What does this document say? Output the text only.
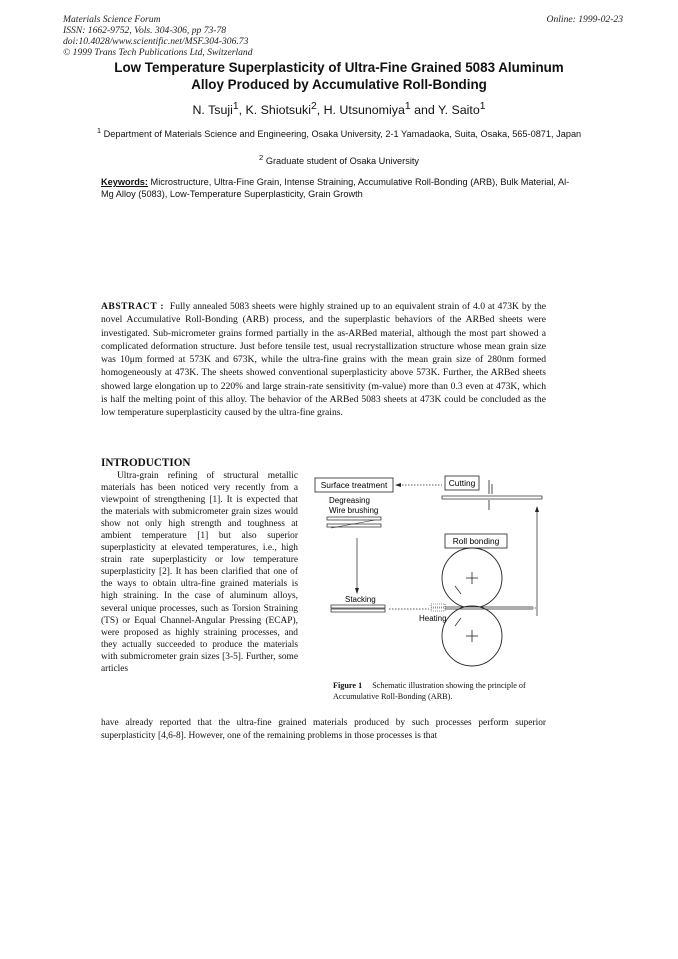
Materials Science Forum	Online: 1999-02-23
ISSN: 1662-9752, Vols. 304-306, pp 73-78
doi:10.4028/www.scientific.net/MSF.304-306.73
© 1999 Trans Tech Publications Ltd, Switzerland
Low Temperature Superplasticity of Ultra-Fine Grained 5083 Aluminum
Alloy Produced by Accumulative Roll-Bonding
N. Tsuji$^1$, K. Shiotsuki$^2$, H. Utsunomiya$^1$ and Y. Saito$^1$
$^1$ Department of Materials Science and Engineering, Osaka University, 2-1 Yamadaoka, Suita, Osaka, 565-0871, Japan
$^2$ Graduate student of Osaka University
Keywords: Microstructure, Ultra-Fine Grain, Intense Straining, Accumulative Roll-Bonding (ARB), Bulk Material, Al-Mg Alloy (5083), Low-Temperature Superplasticity, Grain Growth
ABSTRACT : Fully annealed 5083 sheets were highly strained up to an equivalent strain of 4.0 at 473K by the novel Accumulative Roll-Bonding (ARB) process, and the superplastic behaviors of the ARBed sheets were investigated. Sub-micrometer grains formed partially in the as-ARBed material, although the most part showed a complicated deformation structure. Just before tensile test, usual recrystallization structure whose mean grain size was 10μm formed at 573K and 673K, while the ultra-fine grains with the mean grain size of 280nm formed homogeneously at 473K. The sheets showed conventional superplasticity above 573K. Further, the ARBed sheets showed large elongation up to 220% and large strain-rate sensitivity (m-value) more than 0.3 even at 473K, which is half the melting point of this alloy. The behavior of the ARBed 5083 sheets at 473K could be concluded as the low temperature superplasticity caused by the ultra-fine grains.
INTRODUCTION
Ultra-grain refining of structural metallic materials has been noticed very recently from a viewpoint of strengthening [1]. It is expected that the materials with submicrometer grain sizes would show not only high strength and toughness at ambient temperature [1] but also superior superplasticity at elevated temperatures, i.e., high strain rate superplasticity or low temperature superplasticity [2]. It has been clarified that one of the ways to obtain ultra-fine grained materials is high straining. In the case of aluminum alloys, several unique processes, such as Torsion Straining (TS) or Equal Channel-Angular Pressing (ECAP), were proposed as highly straining processes, and they actually succeeded to produce the materials with submicrometer grain sizes [3-5]. Further, some articles
Surface treatment	Cutting
Degreasing
Wire brushing
Roll bonding
Stacking
Heating
Figure 1 Schematic illustration showing the principle of Accumulative Roll-Bonding (ARB).
have already reported that the ultra-fine grained materials produced by such processes perform superior superplasticity [4,6-8]. However, one of the remaining problems in those processes is that
